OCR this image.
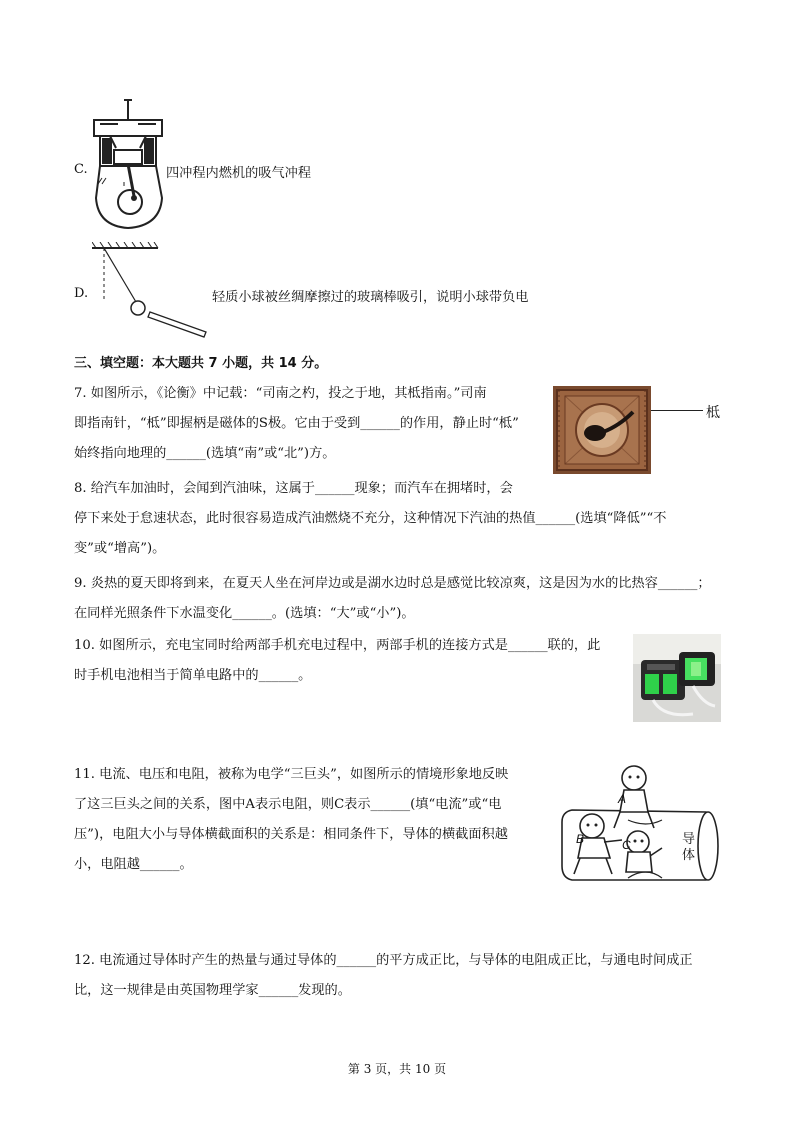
C.	四冲程内燃机的吸气冲程
D.	轻质小球被丝绸摩擦过的玻璃棒吸引，说明小球带负电
三、填空题：本大题共 7 小题，共 14 分。
7. 如图所示，《论衡》中记载：“司南之杓，投之于地，其柢指南。”司南
即指南针，“柢”即握柄是磁体的S极。它由于受到______的作用，静止时“柢”
始终指向地理的______(选填“南”或“北”)方。
柢
8. 给汽车加油时，会闻到汽油味，这属于______现象；而汽车在拥堵时，会
停下来处于怠速状态，此时很容易造成汽油燃烧不充分，这种情况下汽油的热值______(选填“降低”“不
变”或“增高”)。
9. 炎热的夏天即将到来，在夏天人坐在河岸边或是湖水边时总是感觉比较凉爽，这是因为水的比热容______；
在同样光照条件下水温变化______。(选填：“大”或“小”)。
10. 如图所示，充电宝同时给两部手机充电过程中，两部手机的连接方式是______联的，此
时手机电池相当于简单电路中的______。
11. 电流、电压和电阻，被称为电学“三巨头”，如图所示的情境形象地反映
了这三巨头之间的关系，图中A表示电阻，则C表示______(填“电流”或“电
压”)，电阻大小与导体横截面积的关系是：相同条件下，导体的横截面积越
小，电阻越______。
A
B	C	导体
12. 电流通过导体时产生的热量与通过导体的______的平方成正比，与导体的电阻成正比，与通电时间成正
比，这一规律是由英国物理学家______发现的。
第 3 页，共 10 页
